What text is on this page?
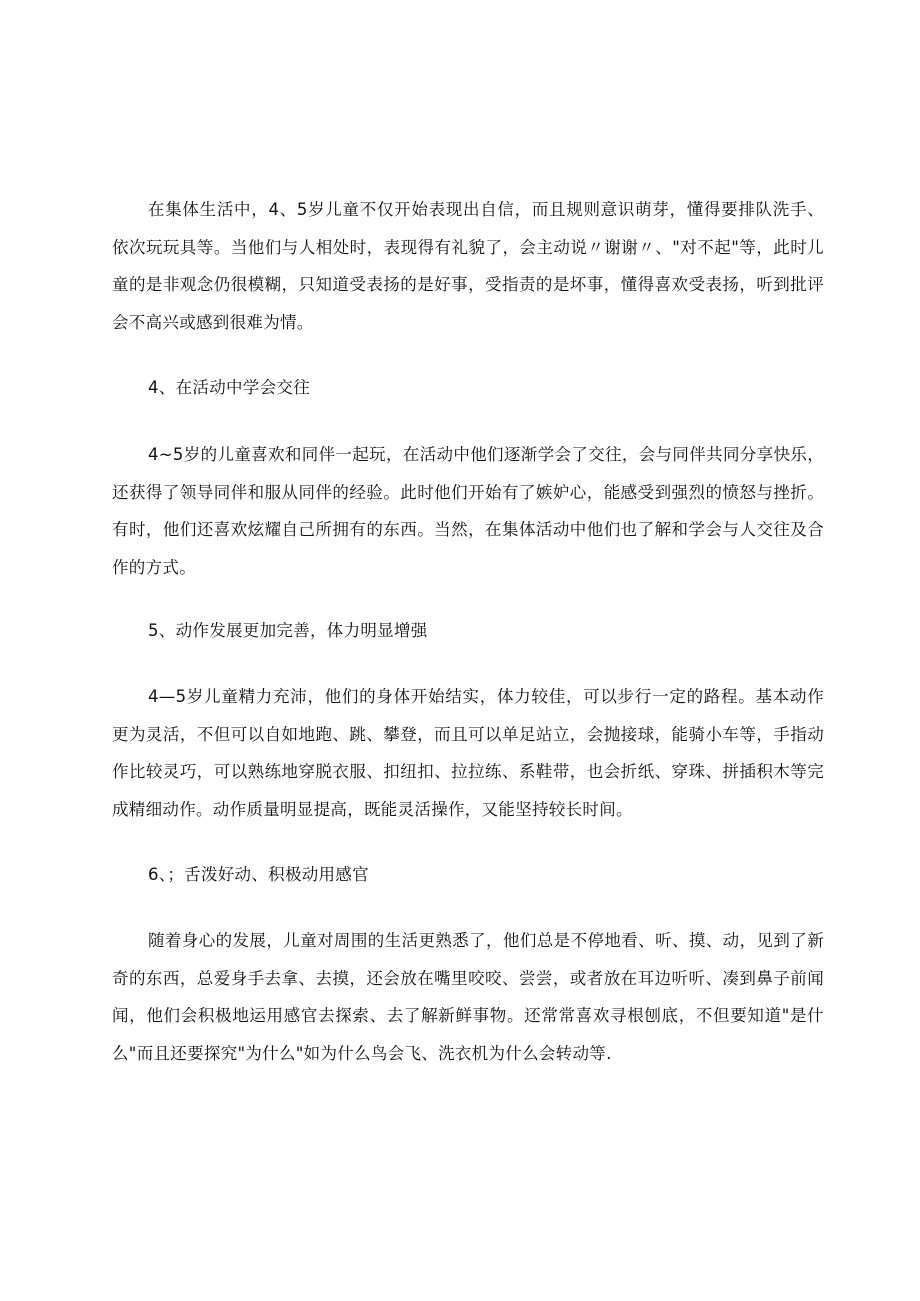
在集体生活中，4、5岁儿童不仅开始表现出自信，而且规则意识萌芽，懂得要排队洗手、依次玩玩具等。当他们与人相处时，表现得有礼貌了，会主动说〃谢谢〃、"对不起"等，此时儿童的是非观念仍很模糊，只知道受表扬的是好事，受指责的是坏事，懂得喜欢受表扬，听到批评会不高兴或感到很难为情。

4、在活动中学会交往

4~5岁的儿童喜欢和同伴一起玩，在活动中他们逐渐学会了交往，会与同伴共同分享快乐，还获得了领导同伴和服从同伴的经验。此时他们开始有了嫉妒心，能感受到强烈的愤怒与挫折。有时，他们还喜欢炫耀自己所拥有的东西。当然，在集体活动中他们也了解和学会与人交往及合作的方式。

5、动作发展更加完善，体力明显增强

4—5岁儿童精力充沛，他们的身体开始结实，体力较佳，可以步行一定的路程。基本动作更为灵活，不但可以自如地跑、跳、攀登，而且可以单足站立，会抛接球，能骑小车等，手指动作比较灵巧，可以熟练地穿脱衣服、扣纽扣、拉拉练、系鞋带，也会折纸、穿珠、拼插积木等完成精细动作。动作质量明显提高，既能灵活操作，又能坚持较长时间。

6、；舌泼好动、积极动用感官

随着身心的发展，儿童对周围的生活更熟悉了，他们总是不停地看、听、摸、动，见到了新奇的东西，总爱身手去拿、去摸，还会放在嘴里咬咬、尝尝，或者放在耳边听听、凑到鼻子前闻闻，他们会积极地运用感官去探索、去了解新鲜事物。还常常喜欢寻根刨底，不但要知道"是什么"而且还要探究"为什么"如为什么鸟会飞、洗衣机为什么会转动等.
